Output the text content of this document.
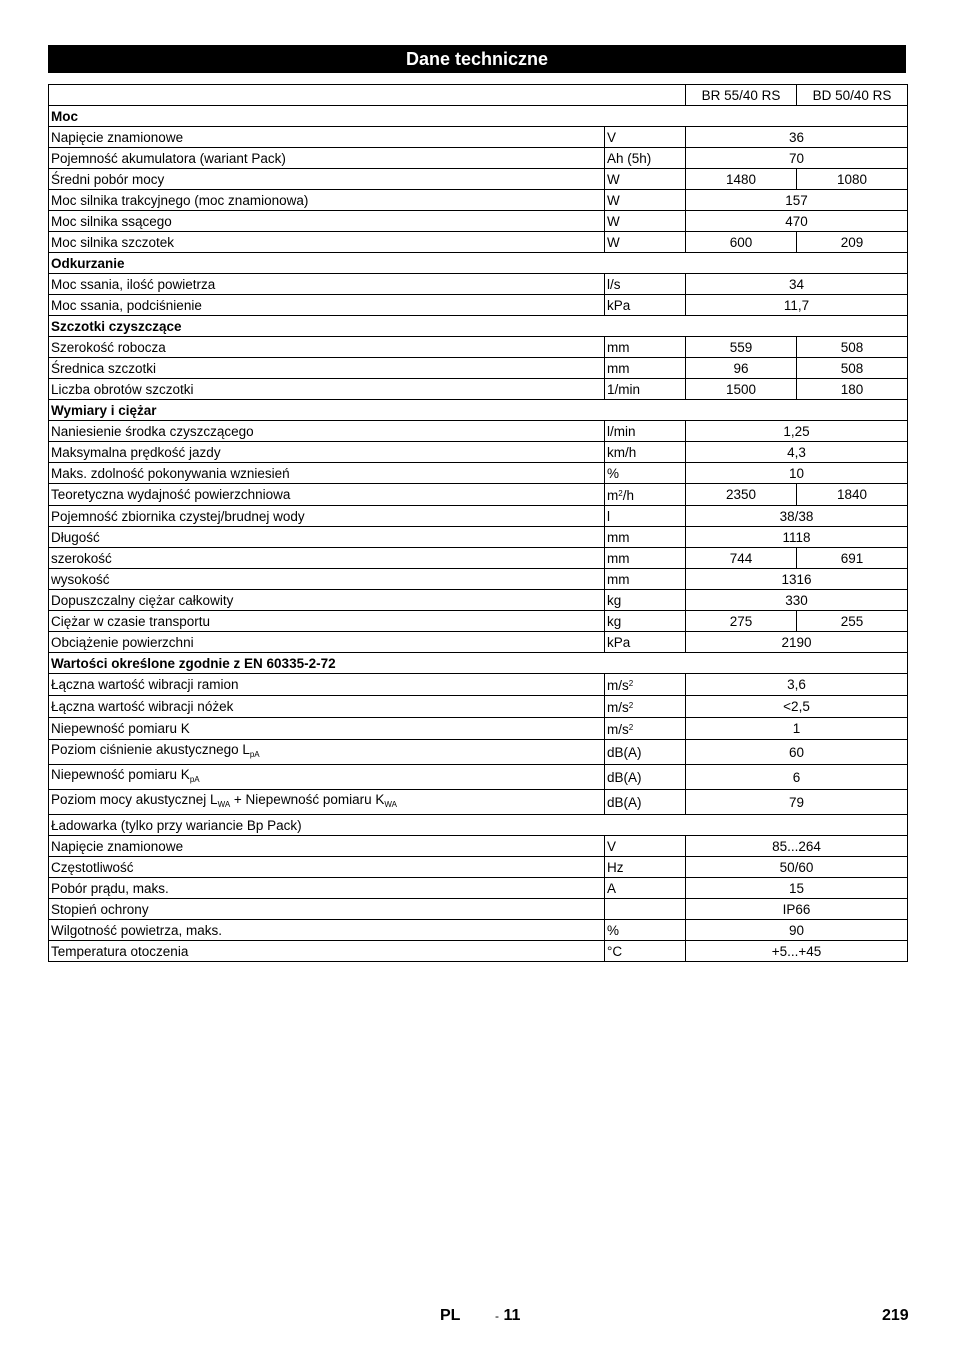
Dane techniczne
		BR 55/40 RS	BD 50/40 RS
Moc			
Napięcie znamionowe	V	36	
Pojemność akumulatora (wariant Pack)	Ah (5h)	70	
Średni pobór mocy	W	1480	1080
Moc silnika trakcyjnego (moc znamionowa)	W	157	
Moc silnika ssącego	W	470	
Moc silnika szczotek	W	600	209
Odkurzanie			
Moc ssania, ilość powietrza	l/s	34	
Moc ssania, podciśnienie	kPa	11,7	
Szczotki czyszczące			
Szerokość robocza	mm	559	508
Średnica szczotki	mm	96	508
Liczba obrotów szczotki	1/min	1500	180
Wymiary i ciężar			
Naniesienie środka czyszczącego	l/min	1,25	
Maksymalna prędkość jazdy	km/h	4,3	
Maks. zdolność pokonywania wzniesień	%	10	
Teoretyczna wydajność powierzchniowa	$m^2/h$	2350	1840
Pojemność zbiornika czystej/brudnej wody	l	38/38	
Długość	mm	1118	
szerokość	mm	744	691
wysokość	mm	1316	
Dopuszczalny ciężar całkowity	kg	330	
Ciężar w czasie transportu	kg	275	255
Obciążenie powierzchni	kPa	2190	
Wartości określone zgodnie z EN 60335-2-72			
Łączna wartość wibracji ramion	$m/s^2$	3,6	
Łączna wartość wibracji nóżek	$m/s^2$	<2,5	
Niepewność pomiaru K	$m/s^2$	1	
Poziom ciśnienie akustycznego $L_{pA}$	dB(A)	60	
Niepewność pomiaru $K_{pA}$	dB(A)	6	
Poziom mocy akustycznej $L_{WA}$ + Niepewność pomiaru $K_{WA}$	dB(A)	79	
Ładowarka (tylko przy wariancie Bp Pack)			
Napięcie znamionowe	V	85...264	
Częstotliwość	Hz	50/60	
Pobór prądu, maks.	A	15	
Stopień ochrony		IP66	
Wilgotność powietrza, maks.	%	90	
Temperatura otoczenia	°C	+5...+45	
PL	- 11	219
